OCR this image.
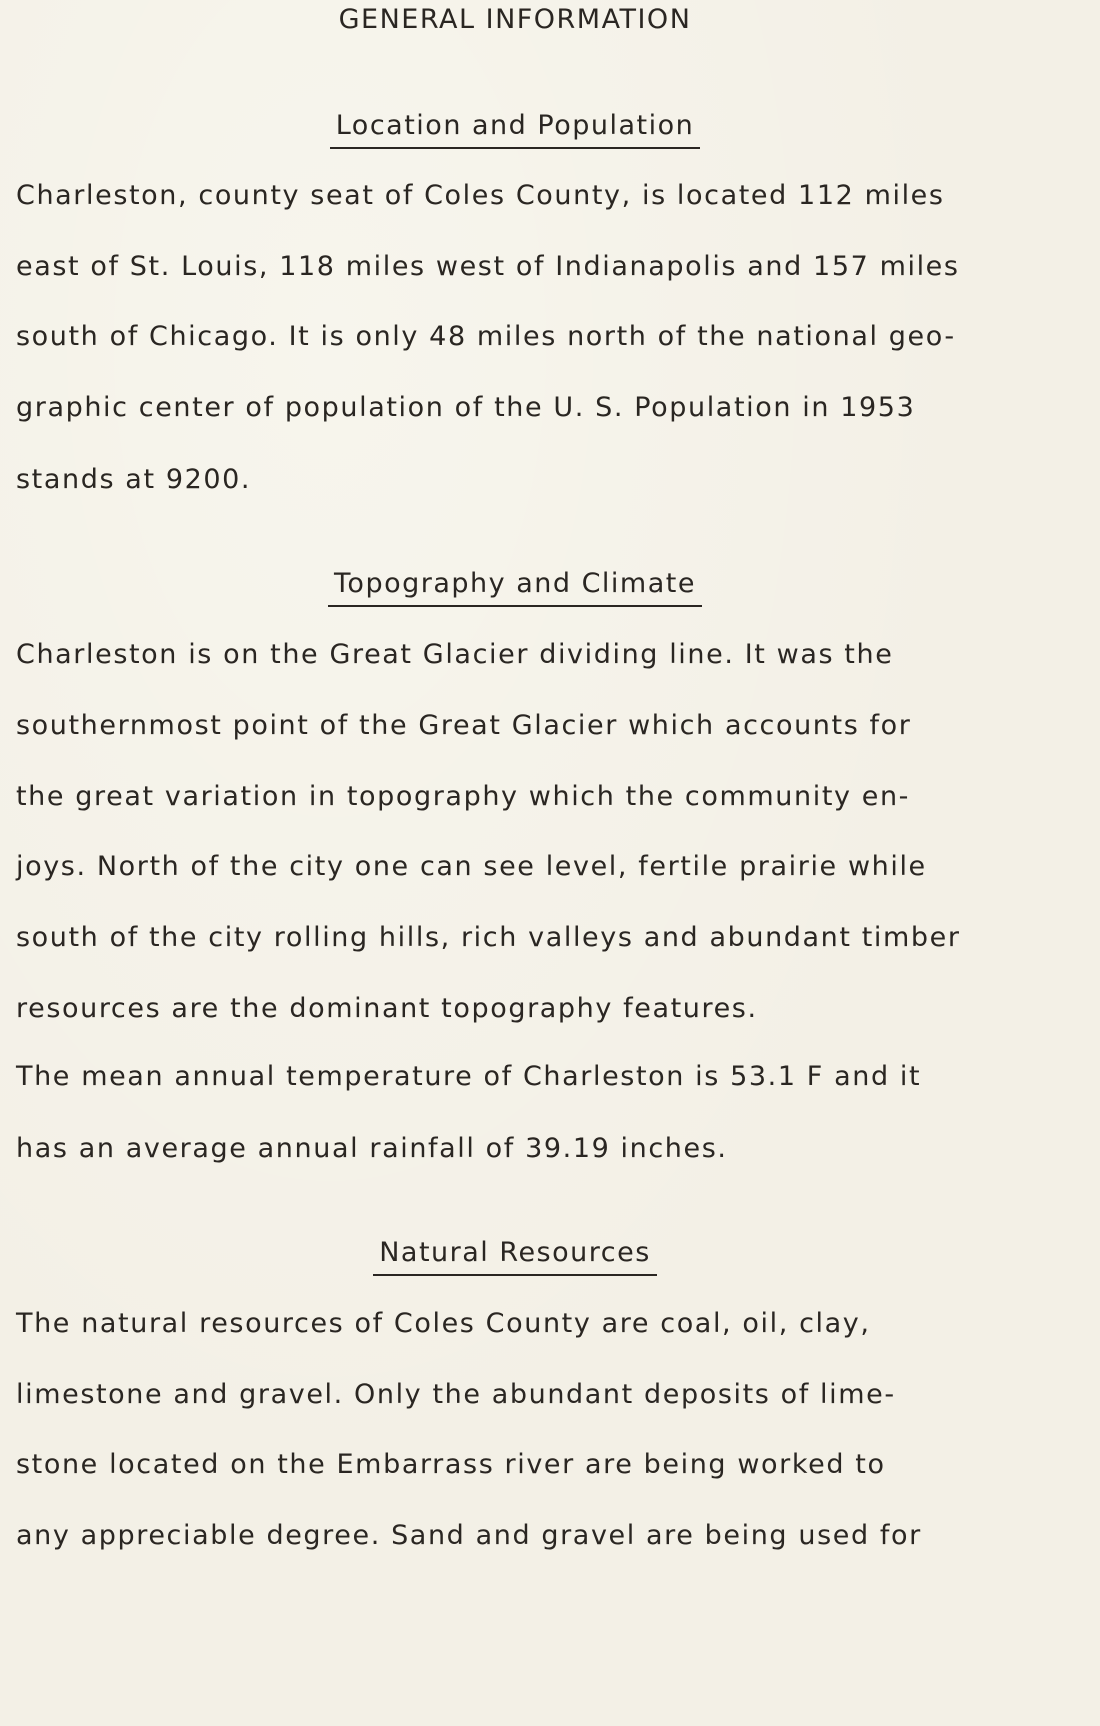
GENERAL INFORMATION
Location and Population

Charleston, county seat of Coles County, is located 112 miles

east of St. Louis, 118 miles west of Indianapolis and 157 miles

south of Chicago. It is only 48 miles north of the national geo-

graphic center of population of the U. S. Population in 1953

stands at 9200.

Topography and Climate

Charleston is on the Great Glacier dividing line. It was the

southernmost point of the Great Glacier which accounts for

the great variation in topography which the community en-

joys. North of the city one can see level, fertile prairie while

south of the city rolling hills, rich valleys and abundant timber

resources are the dominant topography features.

The mean annual temperature of Charleston is 53.1 F and it

has an average annual rainfall of 39.19 inches.

Natural Resources

The natural resources of Coles County are coal, oil, clay,

limestone and gravel. Only the abundant deposits of lime-

stone located on the Embarrass river are being worked to

any appreciable degree. Sand and gravel are being used for
